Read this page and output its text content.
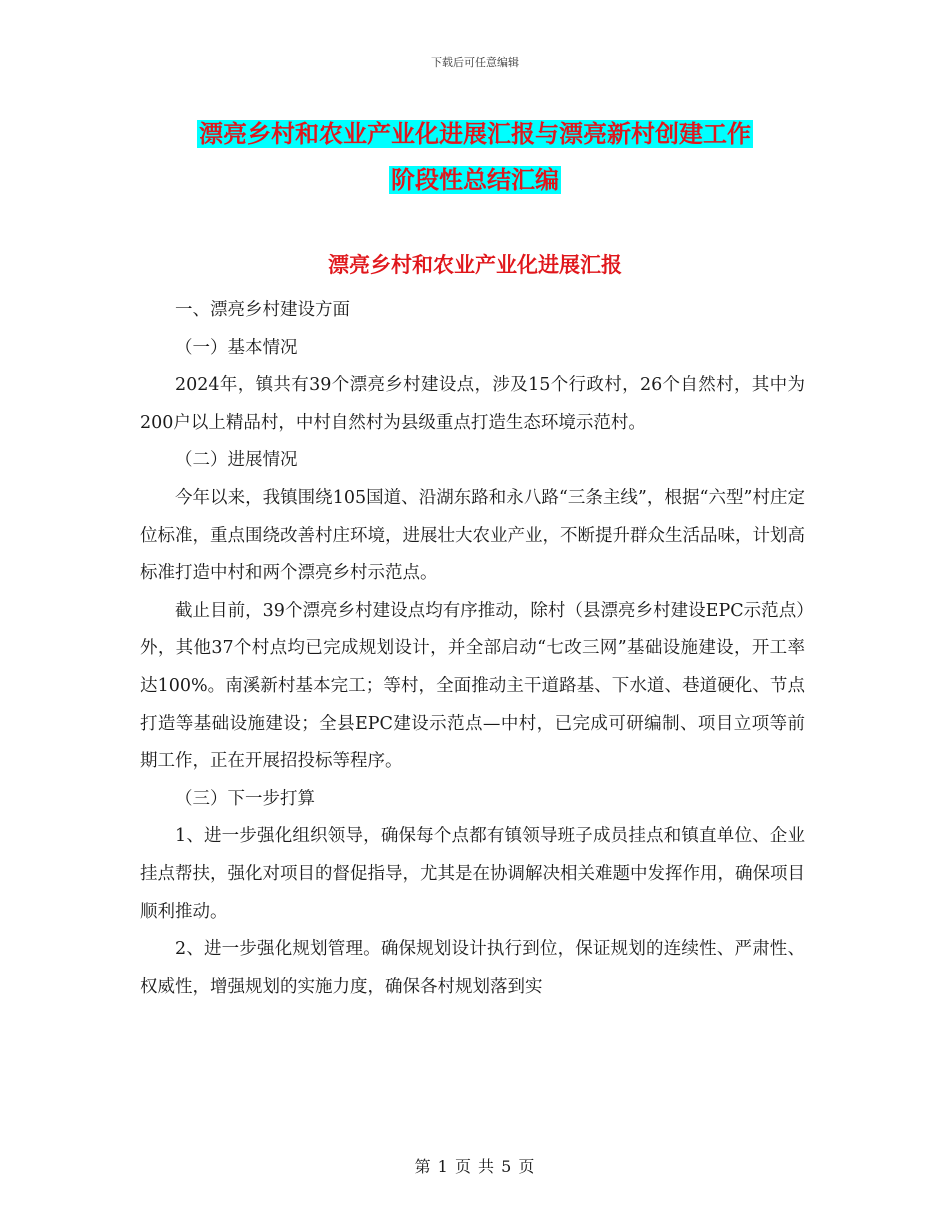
下载后可任意编辑
漂亮乡村和农业产业化进展汇报与漂亮新村创建工作
阶段性总结汇编
漂亮乡村和农业产业化进展汇报

一、漂亮乡村建设方面

（一）基本情况

2024年，镇共有39个漂亮乡村建设点，涉及15个行政村，26个自然村，其中为200户以上精品村，中村自然村为县级重点打造生态环境示范村。

（二）进展情况

今年以来，我镇围绕105国道、沿湖东路和永八路“三条主线”，根据“六型”村庄定位标准，重点围绕改善村庄环境，进展壮大农业产业，不断提升群众生活品味，计划高标准打造中村和两个漂亮乡村示范点。

截止目前，39个漂亮乡村建设点均有序推动，除村（县漂亮乡村建设EPC示范点）外，其他37个村点均已完成规划设计，并全部启动“七改三网”基础设施建设，开工率达100%。南溪新村基本完工；等村，全面推动主干道路基、下水道、巷道硬化、节点打造等基础设施建设；全县EPC建设示范点—中村，已完成可研编制、项目立项等前期工作，正在开展招投标等程序。

（三）下一步打算

1、进一步强化组织领导，确保每个点都有镇领导班子成员挂点和镇直单位、企业挂点帮扶，强化对项目的督促指导，尤其是在协调解决相关难题中发挥作用，确保项目顺利推动。

2、进一步强化规划管理。确保规划设计执行到位，保证规划的连续性、严肃性、权威性，增强规划的实施力度，确保各村规划落到实

第 1 页 共 5 页
